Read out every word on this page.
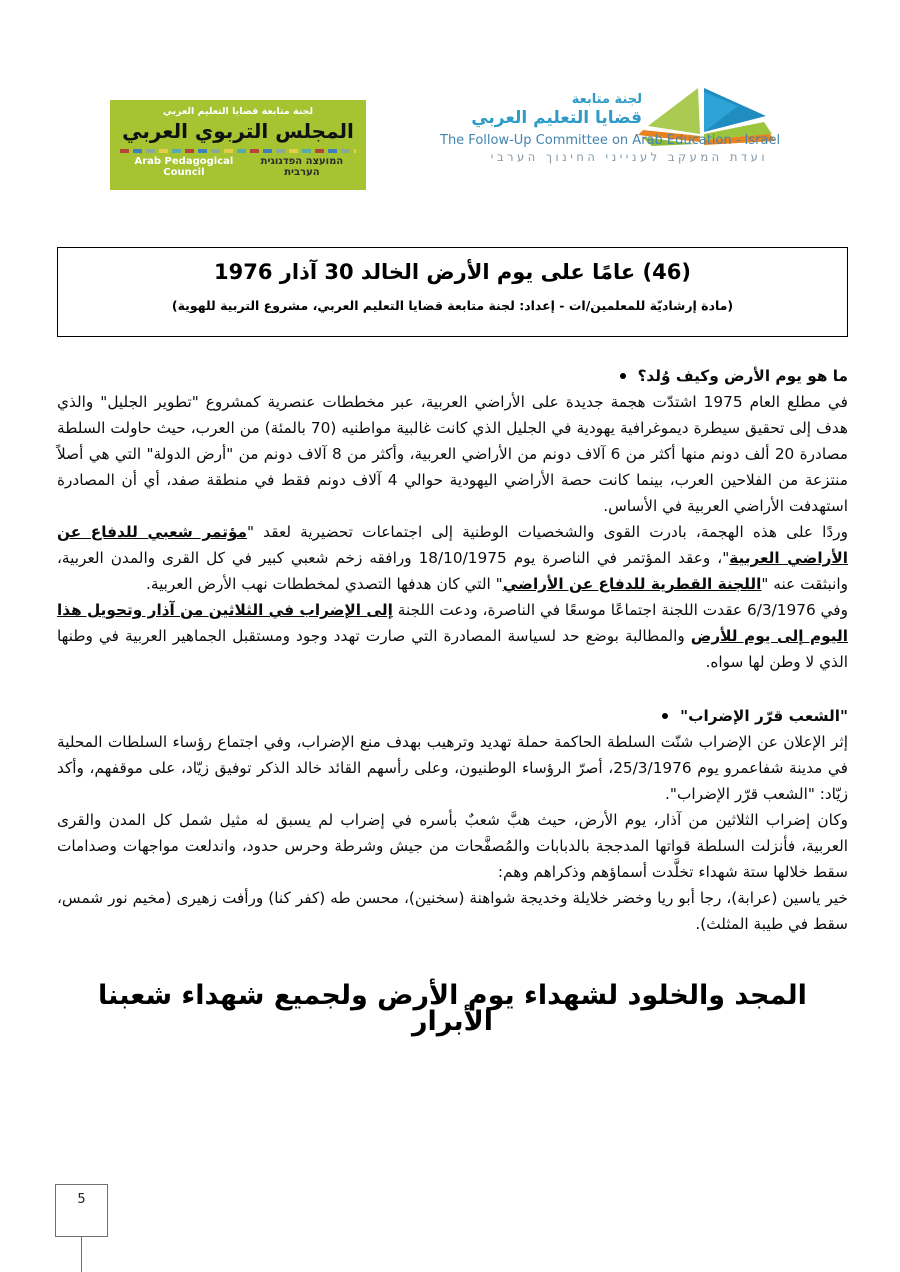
لجنة متابعة قضايا التعليم العربي
المجلس التربوي العربي
Arab Pedagogical Council
המועצה הפדגוגית הערבית
لجنة متابعة
قضايا التعليم العربي
The Follow-Up Committee on Arab Education - Israel
ועדת המעקב לענייני החינוך הערבי
(46) عامًا على يوم الأرض الخالد 30 آذار 1976
(مادة إرشاديّة للمعلمين/ات - إعداد: لجنة متابعة قضايا التعليم العربي، مشروع التربية للهوية)
ما هو يوم الأرض وكيف وُلد؟

في مطلع العام 1975 اشتدّت هجمة جديدة على الأراضي العربية، عبر مخططات عنصرية كمشروع "تطوير الجليل" والذي هدف إلى تحقيق سيطرة ديموغرافية يهودية في الجليل الذي كانت غالبية مواطنيه (70 بالمئة) من العرب، حيث حاولت السلطة مصادرة 20 ألف دونم منها أكثر من 6 آلاف دونم من الأراضي العربية، وأكثر من 8 آلاف دونم من "أرض الدولة" التي هي أصلاً منتزعة من الفلاحين العرب، بينما كانت حصة الأراضي اليهودية حوالي 4 آلاف دونم فقط في منطقة صفد، أي أن المصادرة استهدفت الأراضي العربية في الأساس.

وردًا على هذه الهجمة، بادرت القوى والشخصيات الوطنية إلى اجتماعات تحضيرية لعقد "مؤتمر شعبي للدفاع عن الأراضي العربية"، وعقد المؤتمر في الناصرة يوم 18/10/1975 ورافقه زخم شعبي كبير في كل القرى والمدن العربية، وانبثقت عنه "اللجنة القطرية للدفاع عن الأراضي" التي كان هدفها التصدي لمخططات نهب الأرض العربية.

وفي 6/3/1976 عقدت اللجنة اجتماعًا موسعًا في الناصرة، ودعت اللجنة إلى الإضراب في الثلاثين من آذار وتحويل هذا اليوم إلى يوم للأرض والمطالبة بوضع حد لسياسة المصادرة التي صارت تهدد وجود ومستقبل الجماهير العربية في وطنها الذي لا وطن لها سواه.

"الشعب قرّر الإضراب"

إثر الإعلان عن الإضراب شنّت السلطة الحاكمة حملة تهديد وترهيب بهدف منع الإضراب، وفي اجتماع رؤساء السلطات المحلية في مدينة شفاعمرو يوم 25/3/1976، أصرّ الرؤساء الوطنيون، وعلى رأسهم القائد خالد الذكر توفيق زيّاد، على موقفهم، وأكد زيّاد: "الشعب قرّر الإضراب".

وكان إضراب الثلاثين من آذار، يوم الأرض، حيث هبَّ شعبٌ بأسره في إضراب لم يسبق له مثيل شمل كل المدن والقرى العربية، فأنزلت السلطة قواتها المدججة بالدبابات والمُصفَّحات من جيش وشرطة وحرس حدود، واندلعت مواجهات وصدامات سقط خلالها ستة شهداء تخلَّدت أسماؤهم وذكراهم وهم:

خير ياسين (عرابة)، رجا أبو ريا وخضر خلايلة وخديجة شواهنة (سخنين)، محسن طه (كفر كنا) ورأفت زهيرى (مخيم نور شمس، سقط في طيبة المثلث).

المجد والخلود لشهداء يوم الأرض ولجميع شهداء شعبنا الأبرار
5
